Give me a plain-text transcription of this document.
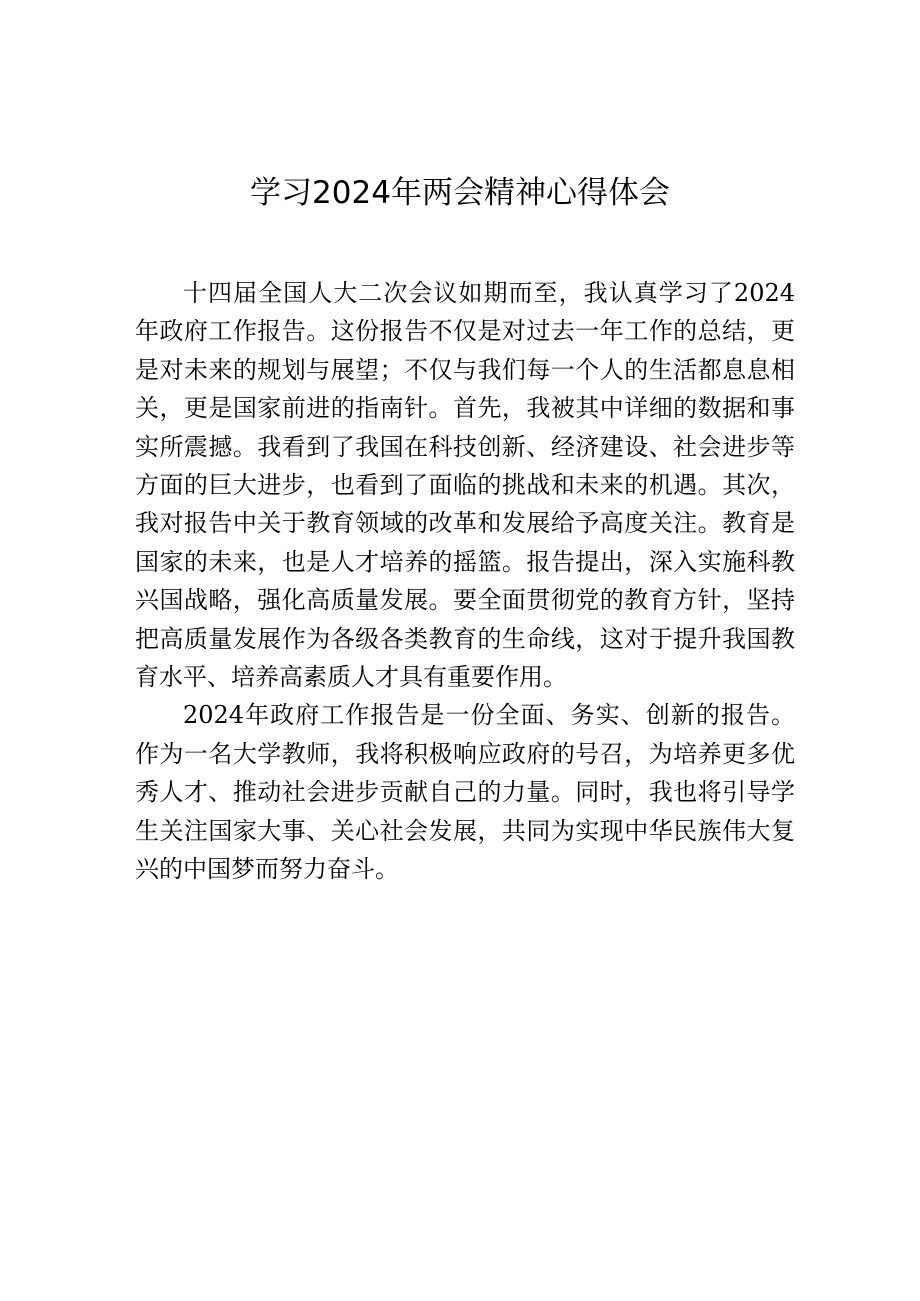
学习2024年两会精神心得体会

十四届全国人大二次会议如期而至，我认真学习了2024年政府工作报告。这份报告不仅是对过去一年工作的总结，更是对未来的规划与展望；不仅与我们每一个人的生活都息息相关，更是国家前进的指南针。首先，我被其中详细的数据和事实所震撼。我看到了我国在科技创新、经济建设、社会进步等方面的巨大进步，也看到了面临的挑战和未来的机遇。其次，我对报告中关于教育领域的改革和发展给予高度关注。教育是国家的未来，也是人才培养的摇篮。报告提出，深入实施科教兴国战略，强化高质量发展。要全面贯彻党的教育方针，坚持把高质量发展作为各级各类教育的生命线，这对于提升我国教育水平、培养高素质人才具有重要作用。

2024年政府工作报告是一份全面、务实、创新的报告。作为一名大学教师，我将积极响应政府的号召，为培养更多优秀人才、推动社会进步贡献自己的力量。同时，我也将引导学生关注国家大事、关心社会发展，共同为实现中华民族伟大复兴的中国梦而努力奋斗。
